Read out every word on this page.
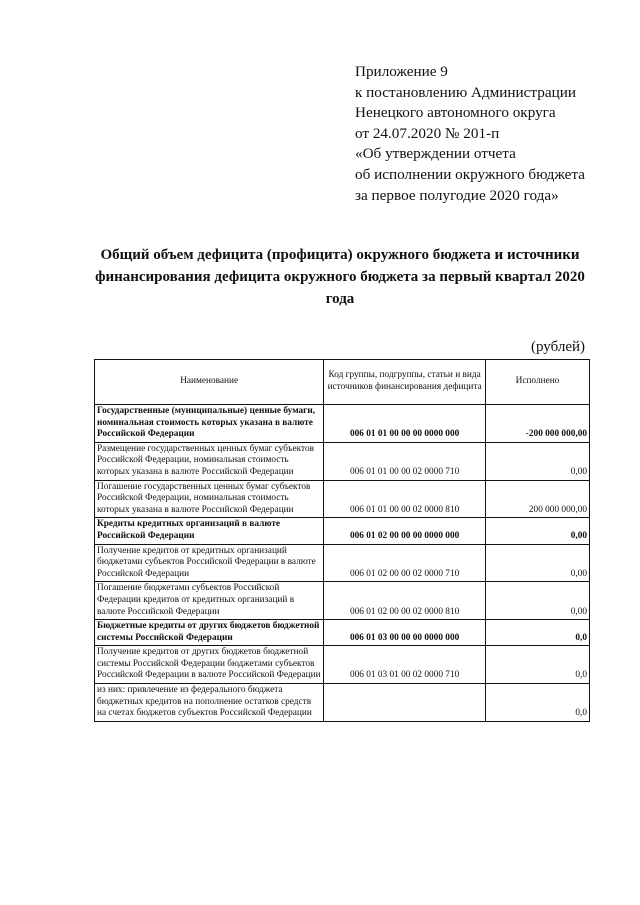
Приложение 9
к постановлению Администрации
Ненецкого автономного округа
от 24.07.2020 № 201-п
«Об утверждении отчета
об исполнении окружного бюджета
за первое полугодие 2020 года»
Общий объем дефицита (профицита) окружного бюджета и источники финансирования дефицита окружного бюджета за первый квартал 2020 года
(рублей)
Наименование	Код группы, подгруппы, статьи и вида источников финансирования дефицита	Исполнено
Государственные (муниципальные) ценные бумаги, номинальная стоимость которых указана в валюте Российской Федерации	006 01 01 00 00 00 0000 000	-200 000 000,00
Размещение государственных ценных бумаг субъектов Российской Федерации, номинальная стоимость которых указана в валюте Российской Федерации	006 01 01 00 00 02 0000 710	0,00
Погашение государственных ценных бумаг субъектов Российской Федерации, номинальная стоимость которых указана в валюте Российской Федерации	006 01 01 00 00 02 0000 810	200 000 000,00
Кредиты кредитных организаций в валюте Российской Федерации	006 01 02 00 00 00 0000 000	0,00
Получение кредитов от кредитных организаций бюджетами субъектов Российской Федерации в валюте Российской Федерации	006 01 02 00 00 02 0000 710	0,00
Погашение бюджетами субъектов Российской Федерации кредитов от кредитных организаций в валюте Российской Федерации	006 01 02 00 00 02 0000 810	0,00
Бюджетные кредиты от других бюджетов бюджетной системы Российской Федерации	006 01 03 00 00 00 0000 000	0,0
Получение кредитов от других бюджетов бюджетной системы Российской Федерации бюджетами субъектов Российской Федерации в валюте Российской Федерации	006 01 03 01 00 02 0000 710	0,0
из них: привлечение из федерального бюджета бюджетных кредитов на пополнение остатков средств на счетах бюджетов субъектов Российской Федерации		0,0
